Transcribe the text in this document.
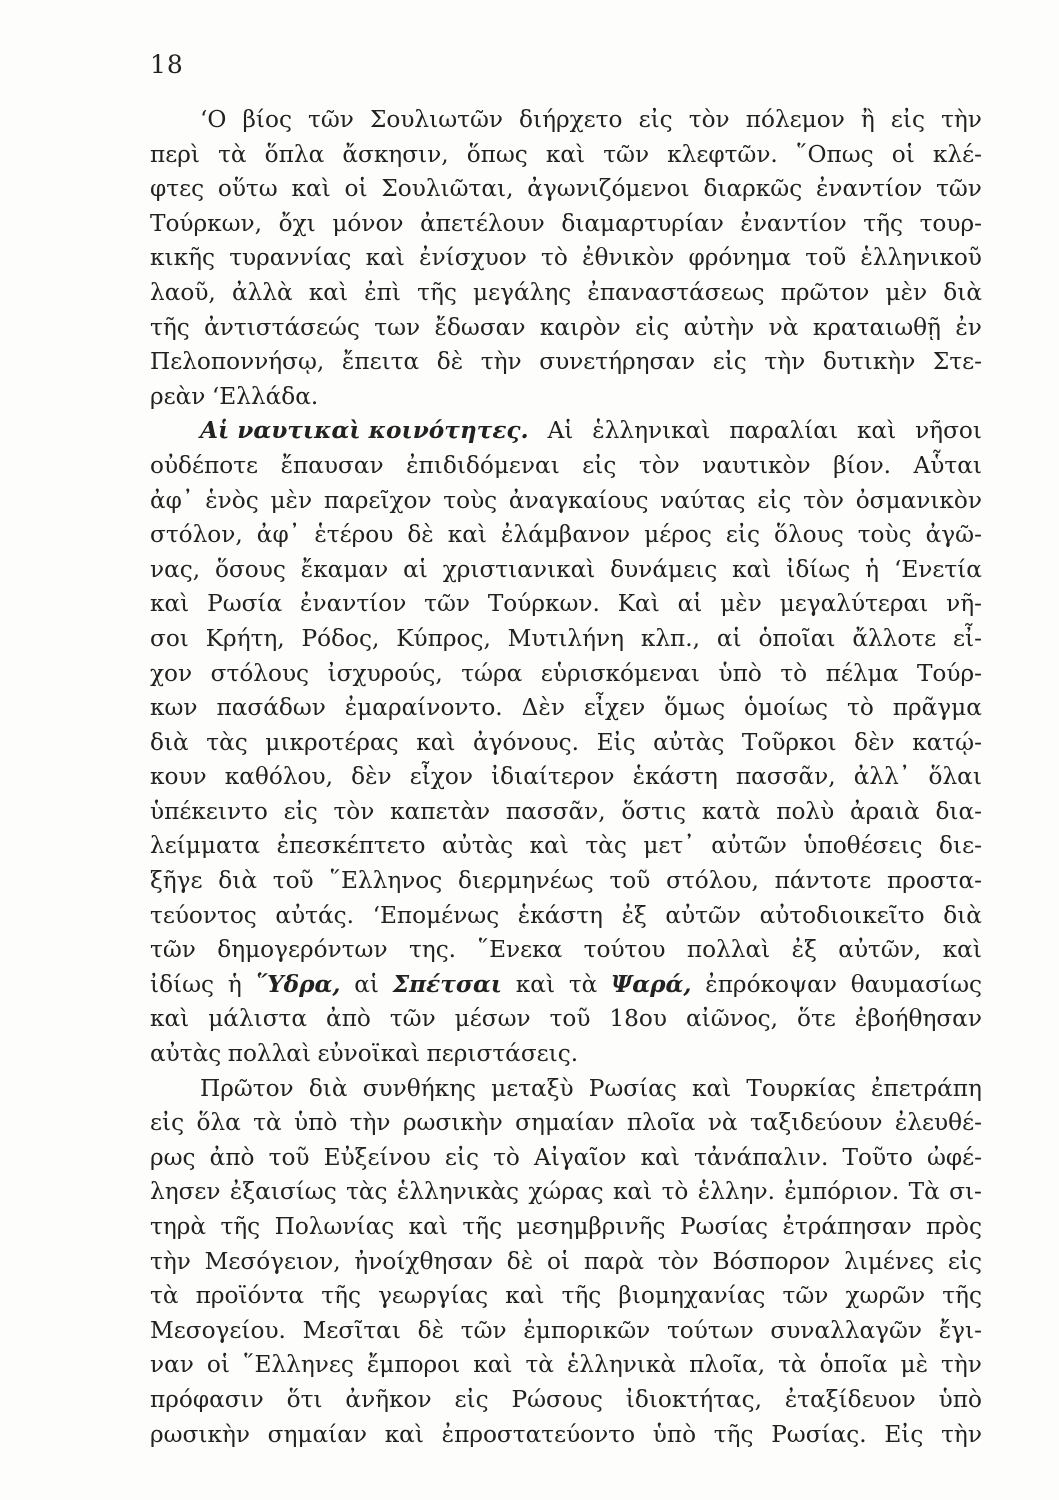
18
‘Ο βίος τῶν Σουλιωτῶν διήρχετο εἰς τὸν πόλεμον ἢ εἰς τὴν
περὶ τὰ ὅπλα ἄσκησιν, ὅπως καὶ τῶν κλεφτῶν. ῞Οπως οἱ κλέ-
φτες οὕτω καὶ οἱ Σουλιῶται, ἀγωνιζόμενοι διαρκῶς ἐναντίον τῶν
Τούρκων, ὄχι μόνον ἀπετέλουν διαμαρτυρίαν ἐναντίον τῆς τουρ-
κικῆς τυραννίας καὶ ἐνίσχυον τὸ ἐθνικὸν φρόνημα τοῦ ἑλληνικοῦ
λαοῦ, ἀλλὰ καὶ ἐπὶ τῆς μεγάλης ἐπαναστάσεως πρῶτον μὲν διὰ
τῆς ἀντιστάσεώς των ἔδωσαν καιρὸν εἰς αὐτὴν νὰ κραταιωθῇ ἐν
Πελοποννήσῳ, ἔπειτα δὲ τὴν συνετήρησαν εἰς τὴν δυτικὴν Στε-
ρεὰν ‘Ελλάδα.
Αἱ ναυτικαὶ κοινότητες. Αἱ ἑλληνικαὶ παραλίαι καὶ νῆσοι
οὐδέποτε ἔπαυσαν ἐπιδιδόμεναι εἰς τὸν ναυτικὸν βίον. Αὗται
ἀφ᾽ ἑνὸς μὲν παρεῖχον τοὺς ἀναγκαίους ναύτας εἰς τὸν ὀσμανικὸν
στόλον, ἀφ᾽ ἑτέρου δὲ καὶ ἐλάμβανον μέρος εἰς ὅλους τοὺς ἀγῶ-
νας, ὅσους ἔκαμαν αἱ χριστιανικαὶ δυνάμεις καὶ ἰδίως ἡ ‘Ενετία
καὶ Ρωσία ἐναντίον τῶν Τούρκων. Καὶ αἱ μὲν μεγαλύτεραι νῆ-
σοι Κρήτη, Ρόδος, Κύπρος, Μυτιλήνη κλπ., αἱ ὁποῖαι ἄλλοτε εἶ-
χον στόλους ἰσχυρούς, τώρα εὑρισκόμεναι ὑπὸ τὸ πέλμα Τούρ-
κων πασάδων ἐμαραίνοντο. Δὲν εἶχεν ὅμως ὁμοίως τὸ πρᾶγμα
διὰ τὰς μικροτέρας καὶ ἀγόνους. Εἰς αὐτὰς Τοῦρκοι δὲν κατῴ-
κουν καθόλου, δὲν εἶχον ἰδιαίτερον ἑκάστη πασσᾶν, ἀλλ᾽ ὅλαι
ὑπέκειντο εἰς τὸν καπετὰν πασσᾶν, ὅστις κατὰ πολὺ ἀραιὰ δια-
λείμματα ἐπεσκέπτετο αὐτὰς καὶ τὰς μετ᾽ αὐτῶν ὑποθέσεις διε-
ξῆγε διὰ τοῦ ῞Ελληνος διερμηνέως τοῦ στόλου, πάντοτε προστα-
τεύοντος αὐτάς. ‘Επομένως ἑκάστη ἐξ αὐτῶν αὐτοδιοικεῖτο διὰ
τῶν δημογερόντων της. ῞Ενεκα τούτου πολλαὶ ἐξ αὐτῶν, καὶ
ἰδίως ἡ ῞Υδρα, αἱ Σπέτσαι καὶ τὰ Ψαρά, ἐπρόκοψαν θαυμασίως
καὶ μάλιστα ἀπὸ τῶν μέσων τοῦ 18ου αἰῶνος, ὅτε ἐβοήθησαν
αὐτὰς πολλαὶ εὐνοϊκαὶ περιστάσεις.
Πρῶτον διὰ συνθήκης μεταξὺ Ρωσίας καὶ Τουρκίας ἐπετράπη
εἰς ὅλα τὰ ὑπὸ τὴν ρωσικὴν σημαίαν πλοῖα νὰ ταξιδεύουν ἐλευθέ-
ρως ἀπὸ τοῦ Εὐξείνου εἰς τὸ Αἰγαῖον καὶ τἀνάπαλιν. Τοῦτο ὠφέ-
λησεν ἐξαισίως τὰς ἑλληνικὰς χώρας καὶ τὸ ἑλλην. ἐμπόριον. Τὰ σι-
τηρὰ τῆς Πολωνίας καὶ τῆς μεσημβρινῆς Ρωσίας ἐτράπησαν πρὸς
τὴν Μεσόγειον, ἠνοίχθησαν δὲ οἱ παρὰ τὸν Βόσπορον λιμένες εἰς
τὰ προϊόντα τῆς γεωργίας καὶ τῆς βιομηχανίας τῶν χωρῶν τῆς
Μεσογείου. Μεσῖται δὲ τῶν ἐμπορικῶν τούτων συναλλαγῶν ἔγι-
ναν οἱ ῞Ελληνες ἔμποροι καὶ τὰ ἑλληνικὰ πλοῖα, τὰ ὁποῖα μὲ τὴν
πρόφασιν ὅτι ἀνῆκον εἰς Ρώσους ἰδιοκτήτας, ἐταξίδευον ὑπὸ
ρωσικὴν σημαίαν καὶ ἐπροστατεύοντο ὑπὸ τῆς Ρωσίας. Εἰς τὴν
